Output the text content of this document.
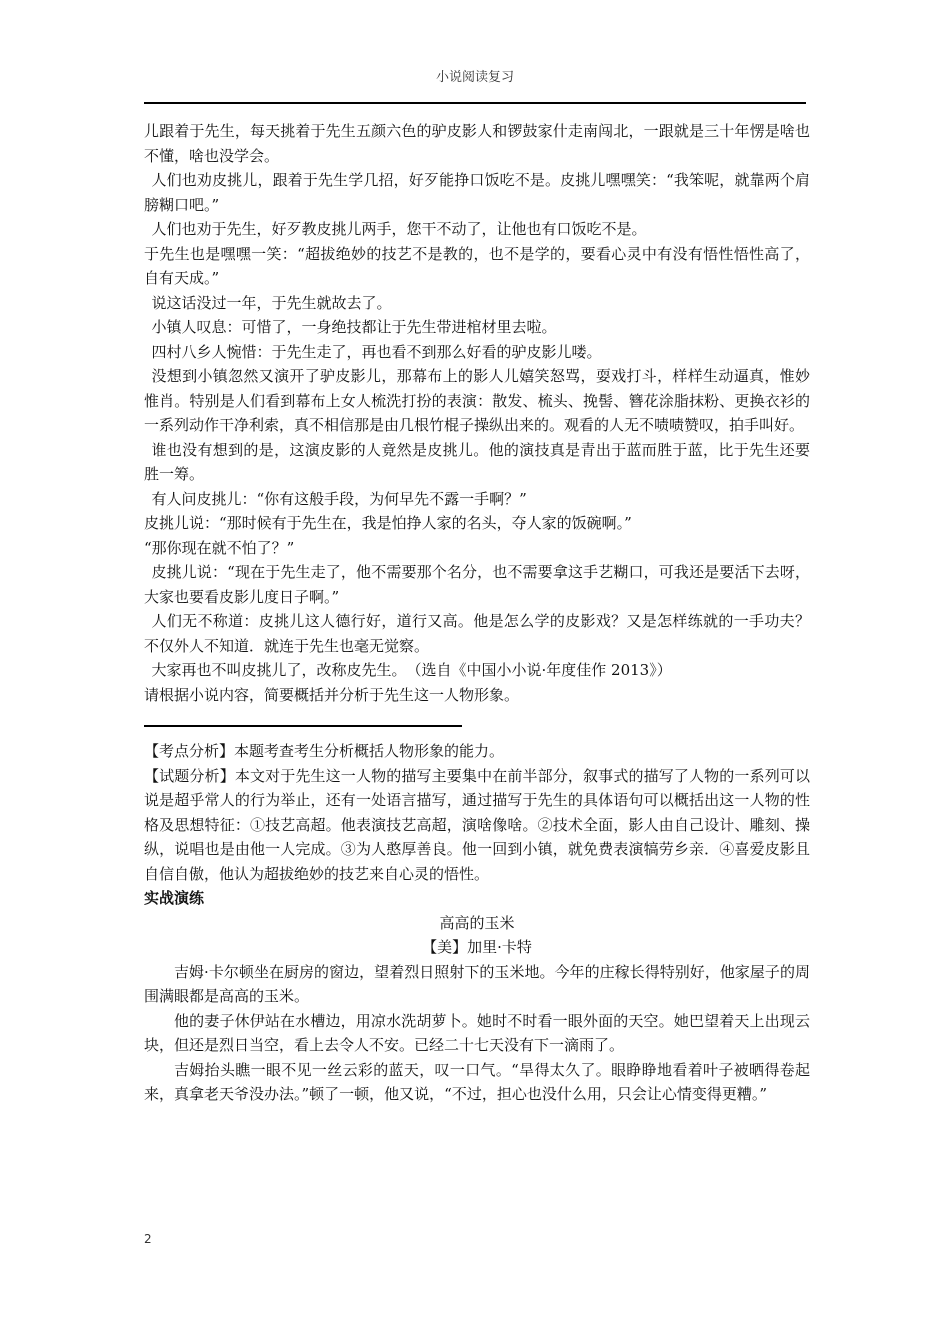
小说阅读复习

儿跟着于先生，每天挑着于先生五颜六色的驴皮影人和锣鼓家什走南闯北，一跟就是三十年愣是啥也不懂，啥也没学会。

人们也劝皮挑儿，跟着于先生学几招，好歹能挣口饭吃不是。皮挑儿嘿嘿笑：“我笨呢，就靠两个肩膀糊口吧。”

人们也劝于先生，好歹教皮挑儿两手，您干不动了，让他也有口饭吃不是。

于先生也是嘿嘿一笑：“超拔绝妙的技艺不是教的，也不是学的，要看心灵中有没有悟性悟性高了，自有天成。”

说这话没过一年，于先生就故去了。

小镇人叹息：可惜了，一身绝技都让于先生带进棺材里去啦。

四村八乡人惋惜：于先生走了，再也看不到那么好看的驴皮影儿喽。

没想到小镇忽然又演开了驴皮影儿，那幕布上的影人儿嬉笑怒骂，耍戏打斗，样样生动逼真，惟妙惟肖。特别是人们看到幕布上女人梳洗打扮的表演：散发、梳头、挽髻、簪花涂脂抹粉、更换衣衫的一系列动作干净利索，真不相信那是由几根竹棍子操纵出来的。观看的人无不啧啧赞叹，拍手叫好。

谁也没有想到的是，这演皮影的人竟然是皮挑儿。他的演技真是青出于蓝而胜于蓝，比于先生还要胜一筹。

有人问皮挑儿：“你有这般手段，为何早先不露一手啊？”

皮挑儿说：“那时候有于先生在，我是怕挣人家的名头，夺人家的饭碗啊。”

“那你现在就不怕了？”

皮挑儿说：“现在于先生走了，他不需要那个名分，也不需要拿这手艺糊口，可我还是要活下去呀，大家也要看皮影儿度日子啊。”

人们无不称道：皮挑儿这人德行好，道行又高。他是怎么学的皮影戏？又是怎样练就的一手功夫？不仅外人不知道．就连于先生也毫无觉察。

大家再也不叫皮挑儿了，改称皮先生。　（选自《中国小小说·年度佳作 2013》）

请根据小说内容，简要概括并分析于先生这一人物形象。

【考点分析】本题考查考生分析概括人物形象的能力。

【试题分析】本文对于先生这一人物的描写主要集中在前半部分，叙事式的描写了人物的一系列可以说是超乎常人的行为举止，还有一处语言描写，通过描写于先生的具体语句可以概括出这一人物的性格及思想特征：①技艺高超。他表演技艺高超，演啥像啥。②技术全面，影人由自己设计、雕刻、操纵，说唱也是由他一人完成。③为人憨厚善良。他一回到小镇，就免费表演犒劳乡亲．④喜爱皮影且自信自傲，他认为超拔绝妙的技艺来自心灵的悟性。

实战演练

高高的玉米

【美】加里·卡特

吉姆·卡尔顿坐在厨房的窗边，望着烈日照射下的玉米地。今年的庄稼长得特别好，他家屋子的周围满眼都是高高的玉米。

他的妻子休伊站在水槽边，用凉水洗胡萝卜。她时不时看一眼外面的天空。她巴望着天上出现云块，但还是烈日当空，看上去令人不安。已经二十七天没有下一滴雨了。

吉姆抬头瞧一眼不见一丝云彩的蓝天，叹一口气。“旱得太久了。眼睁睁地看着叶子被晒得卷起来，真拿老天爷没办法。”顿了一顿，他又说，“不过，担心也没什么用，只会让心情变得更糟。”

2
